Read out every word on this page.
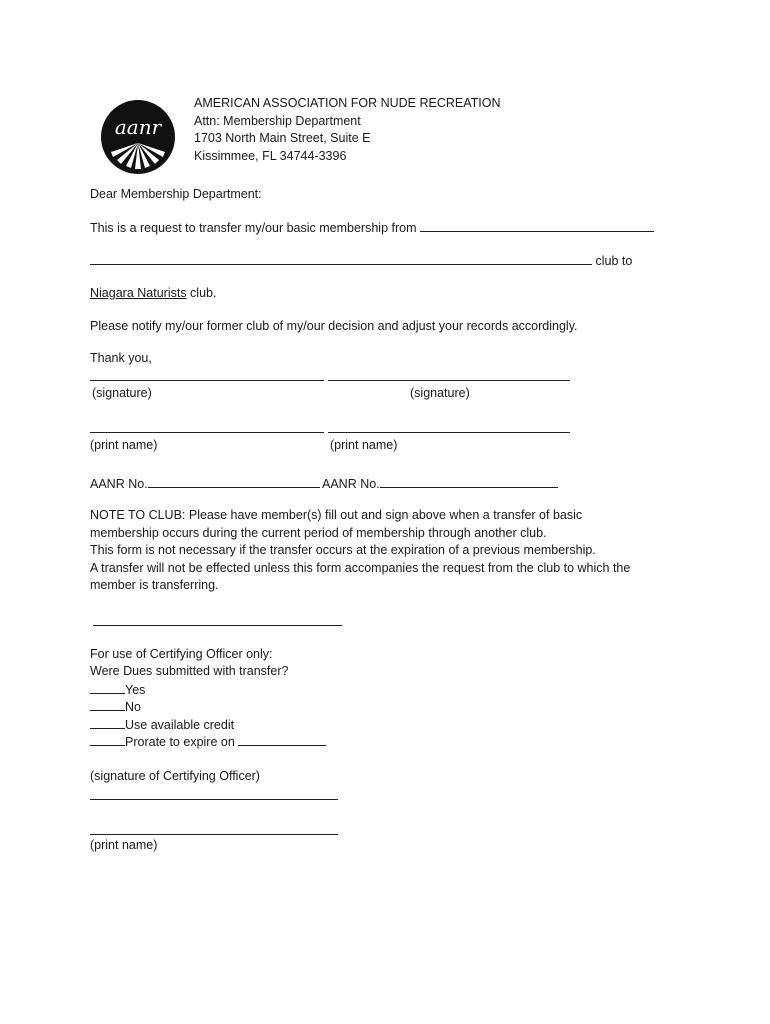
aanr
AMERICAN ASSOCIATION FOR NUDE RECREATION
Attn: Membership Department
1703 North Main Street, Suite E
Kissimmee, FL 34744-3396
Dear Membership Department:
This is a request to transfer my/our basic membership from
club to
Niagara Naturists club.
Please notify my/our former club of my/our decision and adjust your records accordingly.
Thank you,
(signature)	(signature)
(print name)	(print name)
AANR No.	AANR No.
NOTE TO CLUB: Please have member(s) fill out and sign above when a transfer of basic
membership occurs during the current period of membership through another club.
This form is not necessary if the transfer occurs at the expiration of a previous membership.
A transfer will not be effected unless this form accompanies the request from the club to which the
member is transferring.
For use of Certifying Officer only:
Were Dues submitted with transfer?
Yes
No
Use available credit
Prorate to expire on
(signature of Certifying Officer)
(print name)
